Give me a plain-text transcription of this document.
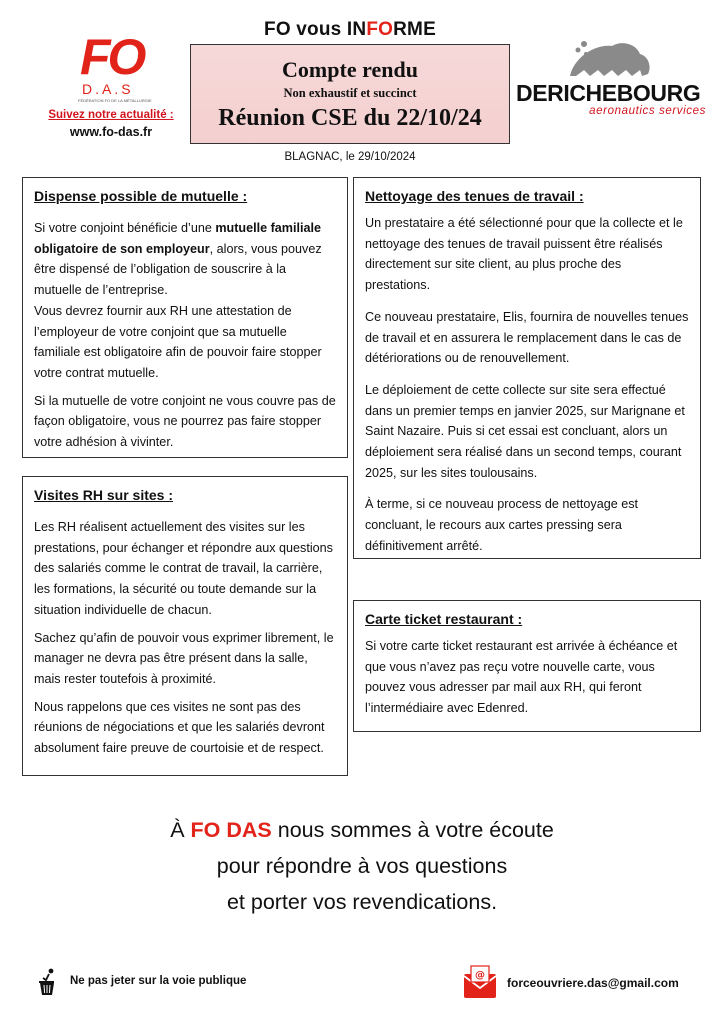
FO
D.A.S
FÉDÉRATION FO DE LA MÉTALLURGIE
Suivez notre actualité :
www.fo-das.fr
FO vous INFORME
Compte rendu
Non exhaustif et succinct
Réunion CSE du 22/10/24
DERICHEBOURG
aeronautics services
BLAGNAC, le 29/10/2024
Dispense possible de mutuelle :

Si votre conjoint bénéficie d’une mutuelle familiale obligatoire de son employeur, alors, vous pouvez être dispensé de l’obligation de souscrire à la mutuelle de l’entreprise.

Vous devrez fournir aux RH une attestation de l’employeur de votre conjoint que sa mutuelle familiale est obligatoire afin de pouvoir faire stopper votre contrat mutuelle.

Si la mutuelle de votre conjoint ne vous couvre pas de façon obligatoire, vous ne pourrez pas faire stopper votre adhésion à vivinter.

Visites RH sur sites :

Les RH réalisent actuellement des visites sur les prestations, pour échanger et répondre aux questions des salariés comme le contrat de travail, la carrière, les formations, la sécurité ou toute demande sur la situation individuelle de chacun.

Sachez qu’afin de pouvoir vous exprimer librement, le manager ne devra pas être présent dans la salle, mais rester toutefois à proximité.

Nous rappelons que ces visites ne sont pas des réunions de négociations et que les salariés devront absolument faire preuve de courtoisie et de respect.

Nettoyage des tenues de travail :

Un prestataire a été sélectionné pour que la collecte et le nettoyage des tenues de travail puissent être réalisés directement sur site client, au plus proche des prestations.

Ce nouveau prestataire, Elis, fournira de nouvelles tenues de travail et en assurera le remplacement dans le cas de détériorations ou de renouvellement.

Le déploiement de cette collecte sur site sera effectué dans un premier temps en janvier 2025, sur Marignane et Saint Nazaire. Puis si cet essai est concluant, alors un déploiement sera réalisé dans un second temps, courant 2025, sur les sites toulousains.

À terme, si ce nouveau process de nettoyage est concluant, le recours aux cartes pressing sera définitivement arrêté.

Carte ticket restaurant :

Si votre carte ticket restaurant est arrivée à échéance et que vous n’avez pas reçu votre nouvelle carte, vous pouvez vous adresser par mail aux RH, qui feront l’intermédiaire avec Edenred.

À FO DAS nous sommes à votre écoute
pour répondre à vos questions
et porter vos revendications.
Ne pas jeter sur la voie publique	@
forceouvriere.das@gmail.com
